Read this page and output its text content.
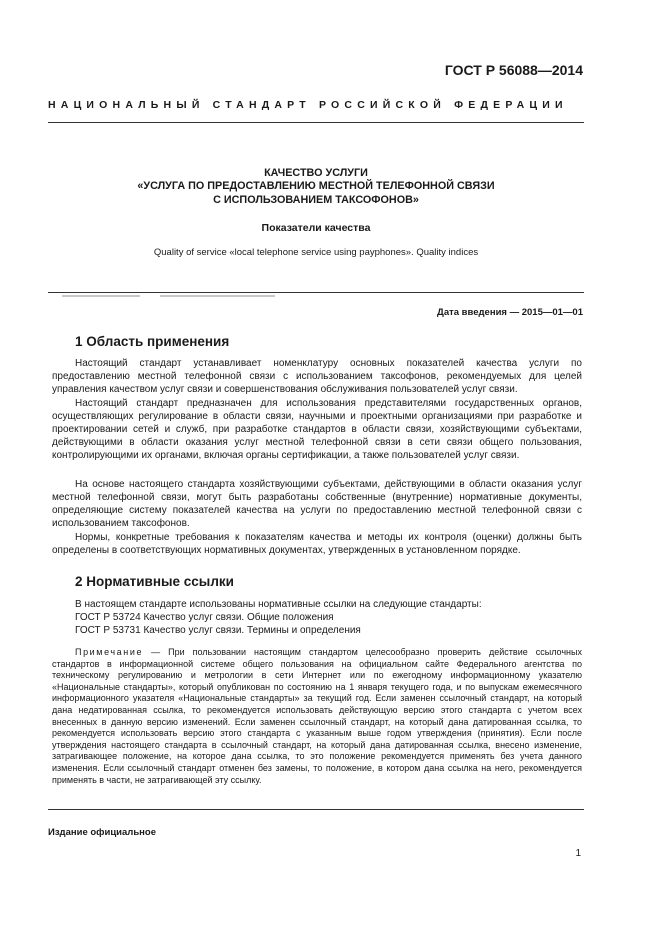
ГОСТ Р 56088—2014
НАЦИОНАЛЬНЫЙ СТАНДАРТ РОССИЙСКОЙ ФЕДЕРАЦИИ
КАЧЕСТВО УСЛУГИ
«УСЛУГА ПО ПРЕДОСТАВЛЕНИЮ МЕСТНОЙ ТЕЛЕФОННОЙ СВЯЗИ
С ИСПОЛЬЗОВАНИЕМ ТАКСОФОНОВ»
Показатели качества
Quality of service «local telephone service using payphones». Quality indices
Дата введения — 2015—01—01
1 Область применения

Настоящий стандарт устанавливает номенклатуру основных показателей качества услуги по предоставлению местной телефонной связи с использованием таксофонов, рекомендуемых для целей управления качеством услуг связи и совершенствования обслуживания пользователей услуг связи.

Настоящий стандарт предназначен для использования представителями государственных органов, осуществляющих регулирование в области связи, научными и проектными организациями при разработке и проектировании сетей и служб, при разработке стандартов в области связи, хозяйствующими субъектами, действующими в области оказания услуг местной телефонной связи в сети связи общего пользования, контролирующими их органами, включая органы сертификации, а также пользователей услуг связи.

На основе настоящего стандарта хозяйствующими субъектами, действующими в области оказания услуг местной телефонной связи, могут быть разработаны собственные (внутренние) нормативные документы, определяющие систему показателей качества на услуги по предоставлению местной телефонной связи с использованием таксофонов.

Нормы, конкретные требования к показателям качества и методы их контроля (оценки) должны быть определены в соответствующих нормативных документах, утвержденных в установленном порядке.

2 Нормативные ссылки

В настоящем стандарте использованы нормативные ссылки на следующие стандарты:

ГОСТ Р 53724 Качество услуг связи. Общие положения

ГОСТ Р 53731 Качество услуг связи. Термины и определения

Примечание — При пользовании настоящим стандартом целесообразно проверить действие ссылочных стандартов в информационной системе общего пользования на официальном сайте Федерального агентства по техническому регулированию и метрологии в сети Интернет или по ежегодному информационному указателю «Национальные стандарты», который опубликован по состоянию на 1 января текущего года, и по выпускам ежемесячного информационного указателя «Национальные стандарты» за текущий год. Если заменен ссылочный стандарт, на который дана недатированная ссылка, то рекомендуется использовать действующую версию этого стандарта с учетом всех внесенных в данную версию изменений. Если заменен ссылочный стандарт, на который дана датированная ссылка, то рекомендуется использовать версию этого стандарта с указанным выше годом утверждения (принятия). Если после утверждения настоящего стандарта в ссылочный стандарт, на который дана датированная ссылка, внесено изменение, затрагивающее положение, на которое дана ссылка, то это положение рекомендуется применять без учета данного изменения. Если ссылочный стандарт отменен без замены, то положение, в котором дана ссылка на него, рекомендуется применять в части, не затрагивающей эту ссылку.

Издание официальное
1
